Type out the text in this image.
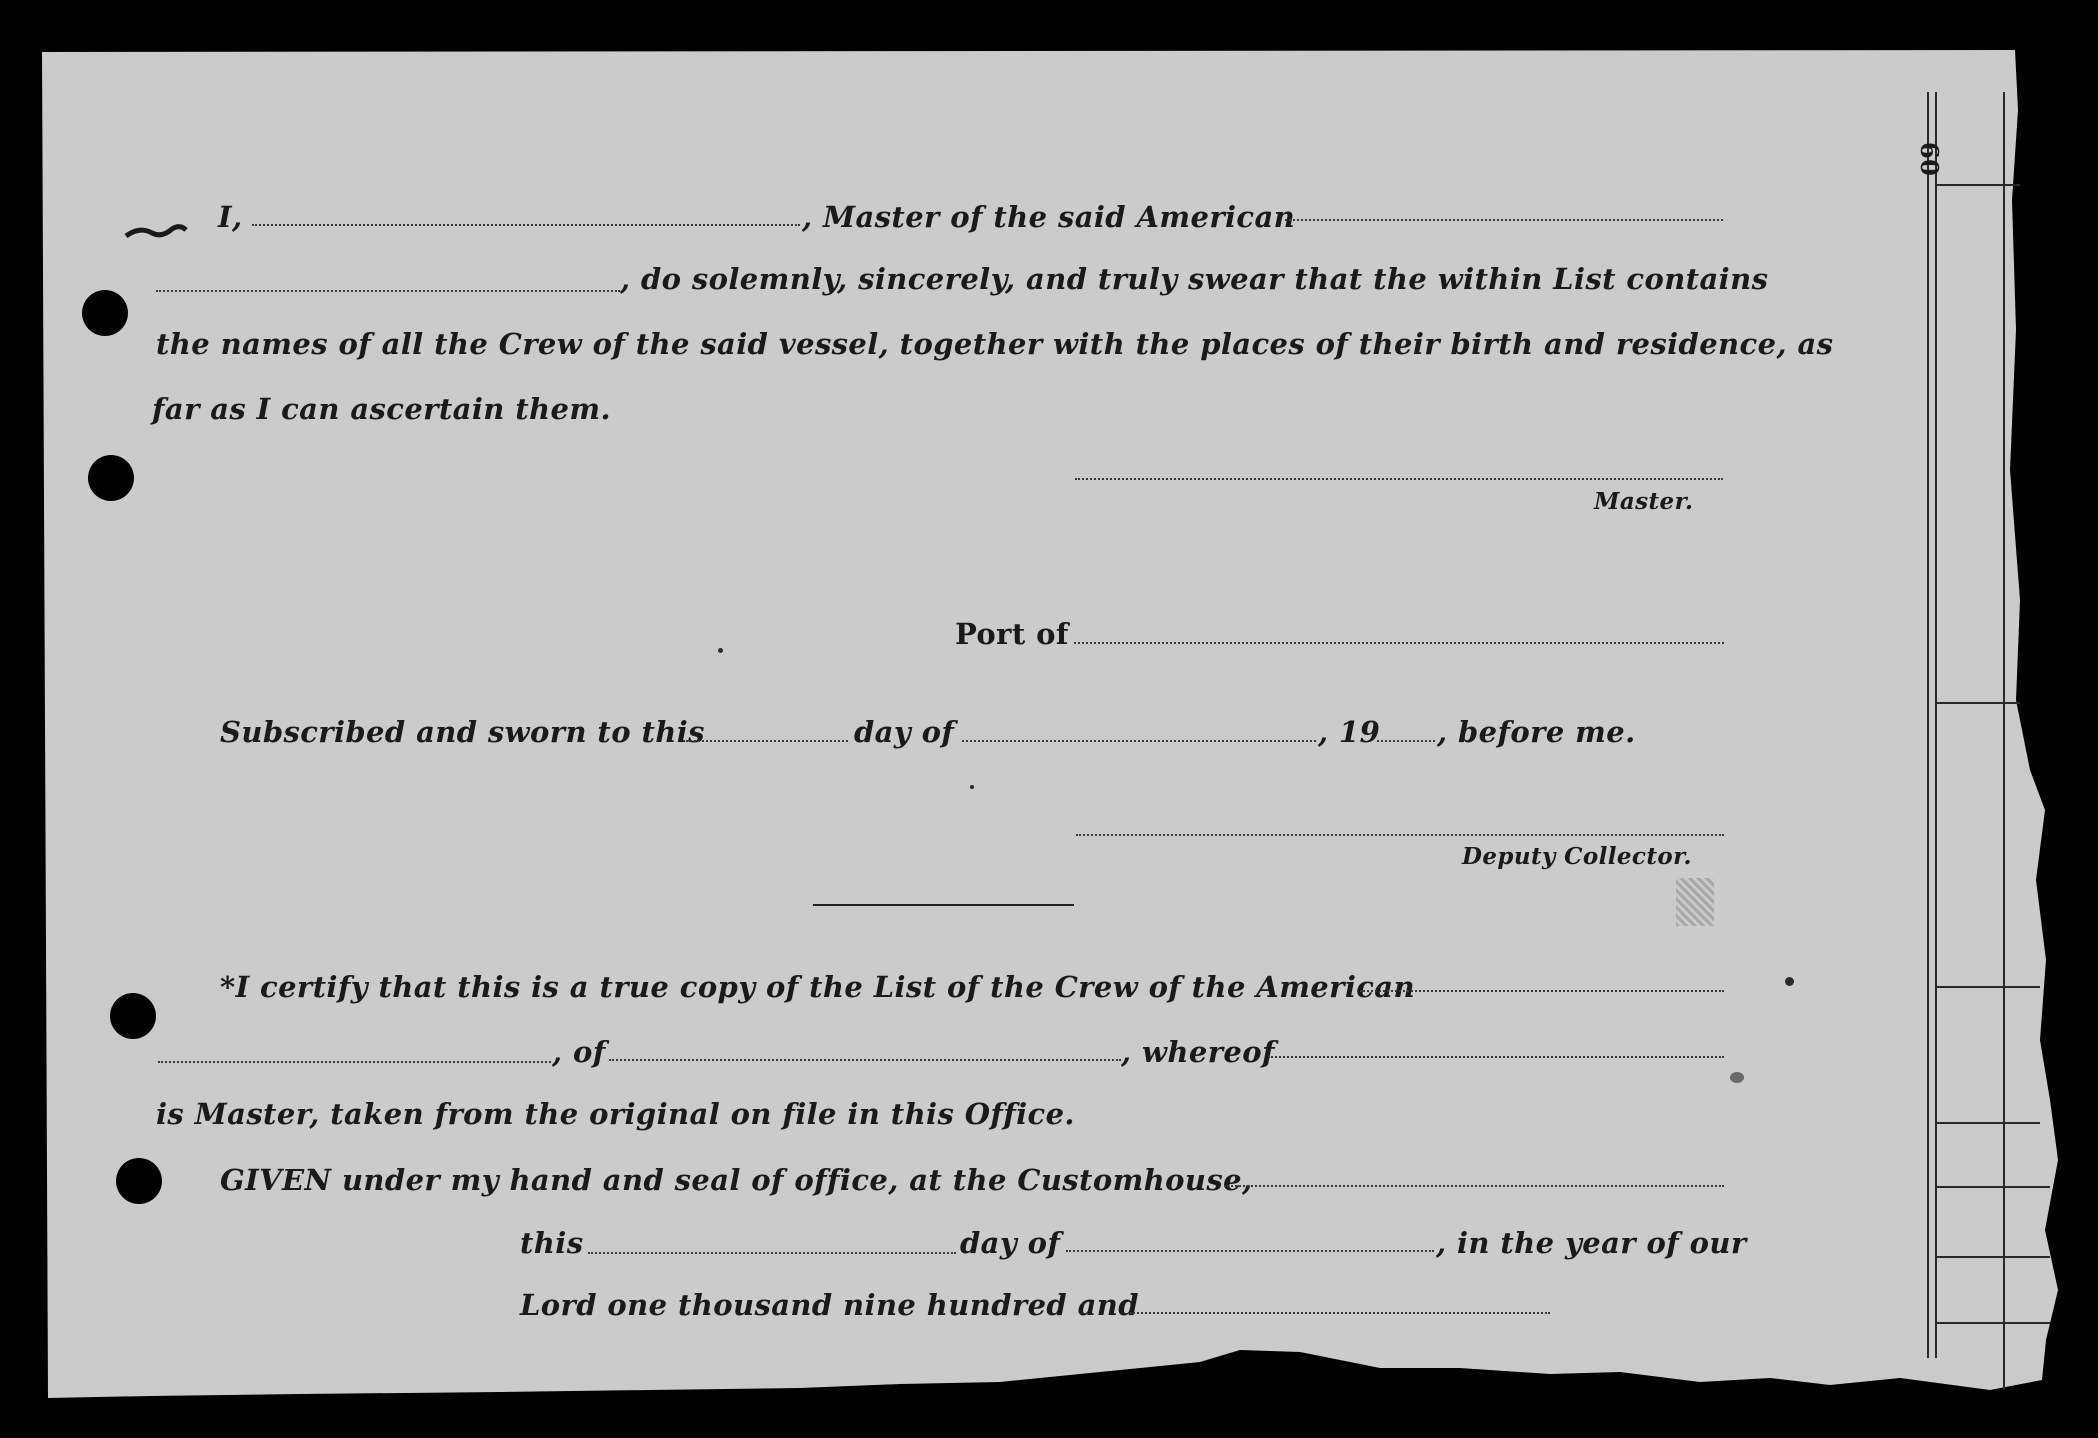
60
I,	, Master of the said American
, do solemnly, sincerely, and truly swear that the within List contains
the names of all the Crew of the said vessel, together with the places of their birth and residence, as
far as I can ascertain them.
Master.
Port of
Subscribed and sworn to this	day of	, 19 , before me.
Deputy Collector.
*I certify that this is a true copy of the List of the Crew of the American
, of	, whereof
is Master, taken from the original on file in this Office.
GIVEN under my hand and seal of office, at the Customhouse,
this	day of	, in the year of our
Lord one thousand nine hundred and
